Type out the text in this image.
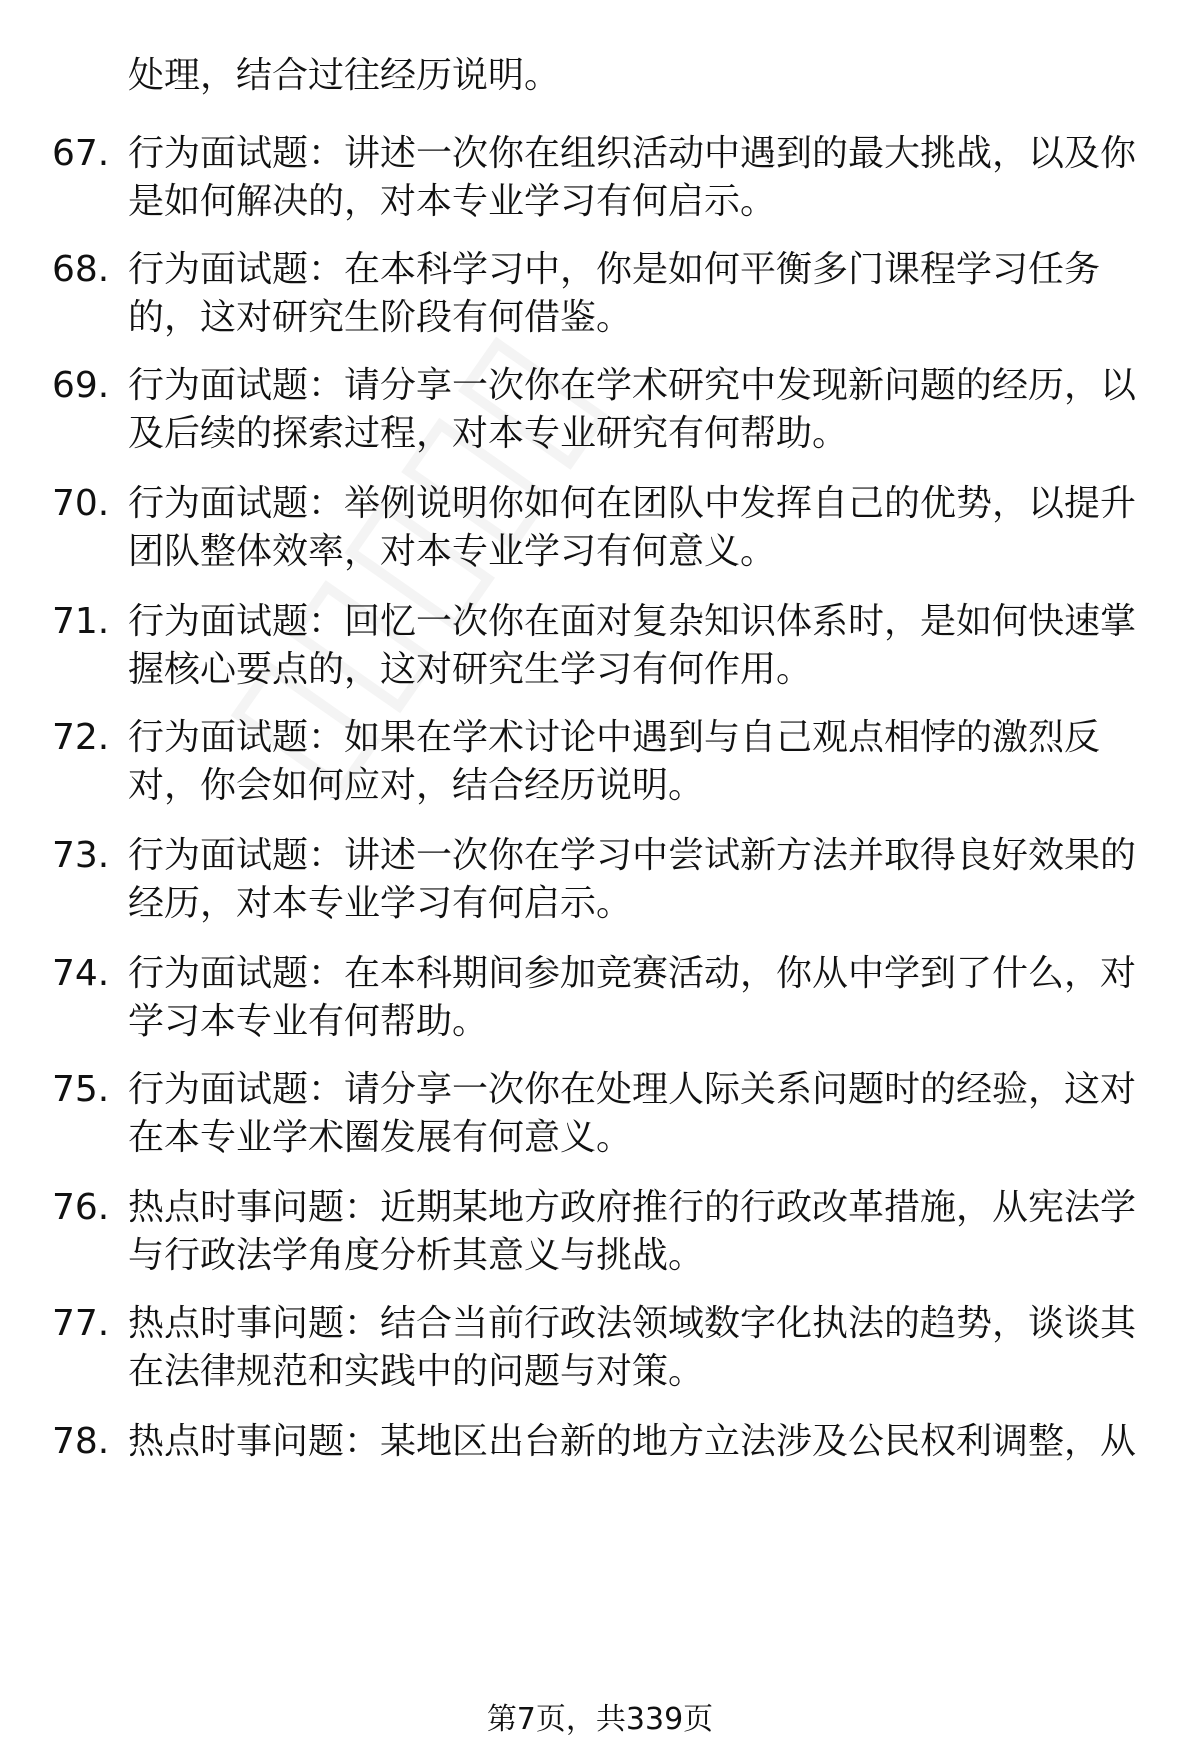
处理，结合过往经历说明。
67. 行为面试题：讲述一次你在组织活动中遇到的最大挑战，以及你
是如何解决的，对本专业学习有何启示。
68. 行为面试题：在本科学习中，你是如何平衡多门课程学习任务
的，这对研究生阶段有何借鉴。
69. 行为面试题：请分享一次你在学术研究中发现新问题的经历，以
及后续的探索过程，对本专业研究有何帮助。
70. 行为面试题：举例说明你如何在团队中发挥自己的优势，以提升
团队整体效率，对本专业学习有何意义。
71. 行为面试题：回忆一次你在面对复杂知识体系时，是如何快速掌
握核心要点的，这对研究生学习有何作用。
72. 行为面试题：如果在学术讨论中遇到与自己观点相悖的激烈反
对，你会如何应对，结合经历说明。
73. 行为面试题：讲述一次你在学习中尝试新方法并取得良好效果的
经历，对本专业学习有何启示。
74. 行为面试题：在本科期间参加竞赛活动，你从中学到了什么，对
学习本专业有何帮助。
75. 行为面试题：请分享一次你在处理人际关系问题时的经验，这对
在本专业学术圈发展有何意义。
76. 热点时事问题：近期某地方政府推行的行政改革措施，从宪法学
与行政法学角度分析其意义与挑战。
77. 热点时事问题：结合当前行政法领域数字化执法的趋势，谈谈其
在法律规范和实践中的问题与对策。
78. 热点时事问题：某地区出台新的地方立法涉及公民权利调整，从
第7页，共339页
